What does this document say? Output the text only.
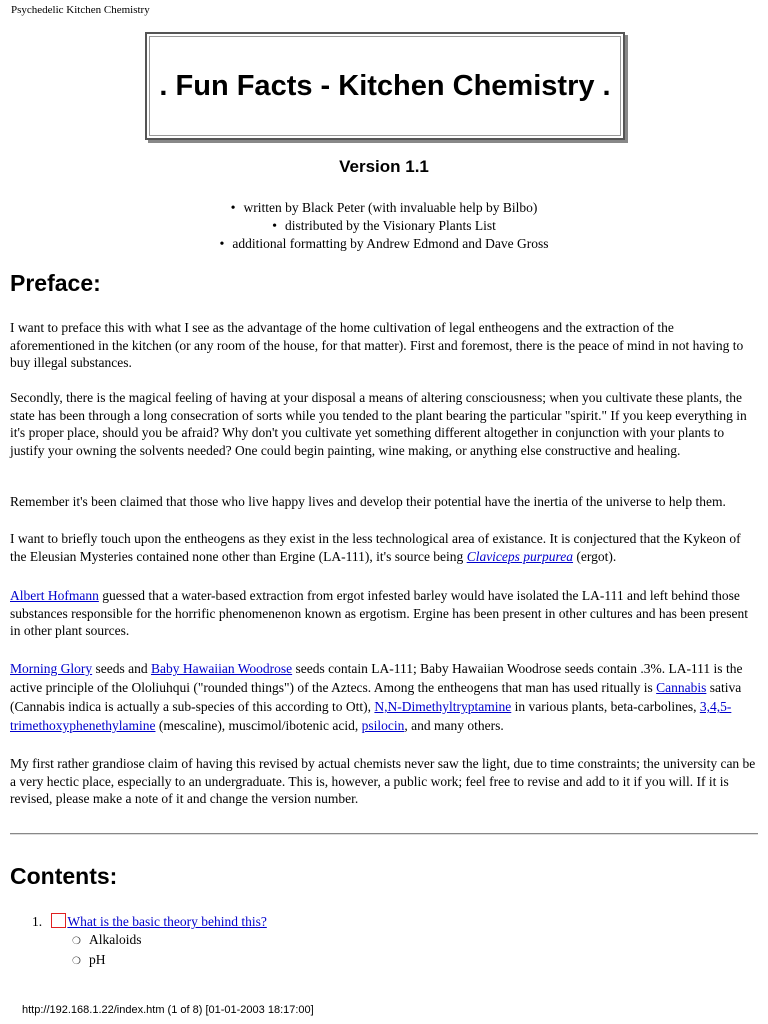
Psychedelic Kitchen Chemistry
. Fun Facts - Kitchen Chemistry .
Version 1.1
• written by Black Peter (with invaluable help by Bilbo)
• distributed by the Visionary Plants List
• additional formatting by Andrew Edmond and Dave Gross
Preface:

I want to preface this with what I see as the advantage of the home cultivation of legal entheogens and the extraction of the aforementioned in the kitchen (or any room of the house, for that matter). First and foremost, there is the peace of mind in not having to buy illegal substances.

Secondly, there is the magical feeling of having at your disposal a means of altering consciousness; when you cultivate these plants, the state has been through a long consecration of sorts while you tended to the plant bearing the particular "spirit." If you keep everything in it's proper place, should you be afraid? Why don't you cultivate yet something different altogether in conjunction with your plants to justify your owning the solvents needed? One could begin painting, wine making, or anything else constructive and healing.

Remember it's been claimed that those who live happy lives and develop their potential have the inertia of the universe to help them.

I want to briefly touch upon the entheogens as they exist in the less technological area of existance. It is conjectured that the Kykeon of the Eleusian Mysteries contained none other than Ergine (LA-111), it's source being Claviceps purpurea (ergot).

Albert Hofmann guessed that a water-based extraction from ergot infested barley would have isolated the LA-111 and left behind those substances responsible for the horrific phenomenenon known as ergotism. Ergine has been present in other cultures and has been present in other plant sources.

Morning Glory seeds and Baby Hawaiian Woodrose seeds contain LA-111; Baby Hawaiian Woodrose seeds contain .3%. LA-111 is the active principle of the Ololiuhqui ("rounded things") of the Aztecs. Among the entheogens that man has used ritually is Cannabis sativa (Cannabis indica is actually a sub-species of this according to Ott), N,N-Dimethyltryptamine in various plants, beta-carbolines, 3,4,5-trimethoxyphenethylamine (mescaline), muscimol/ibotenic acid, psilocin, and many others.

My first rather grandiose claim of having this revised by actual chemists never saw the light, due to time constraints; the university can be a very hectic place, especially to an undergraduate. This is, however, a public work; feel free to revise and add to it if you will. If it is revised, please make a note of it and change the version number.

Contents:
1. What is the basic theory behind this?
❍ Alkaloids
❍ pH
http://192.168.1.22/index.htm (1 of 8) [01-01-2003 18:17:00]
